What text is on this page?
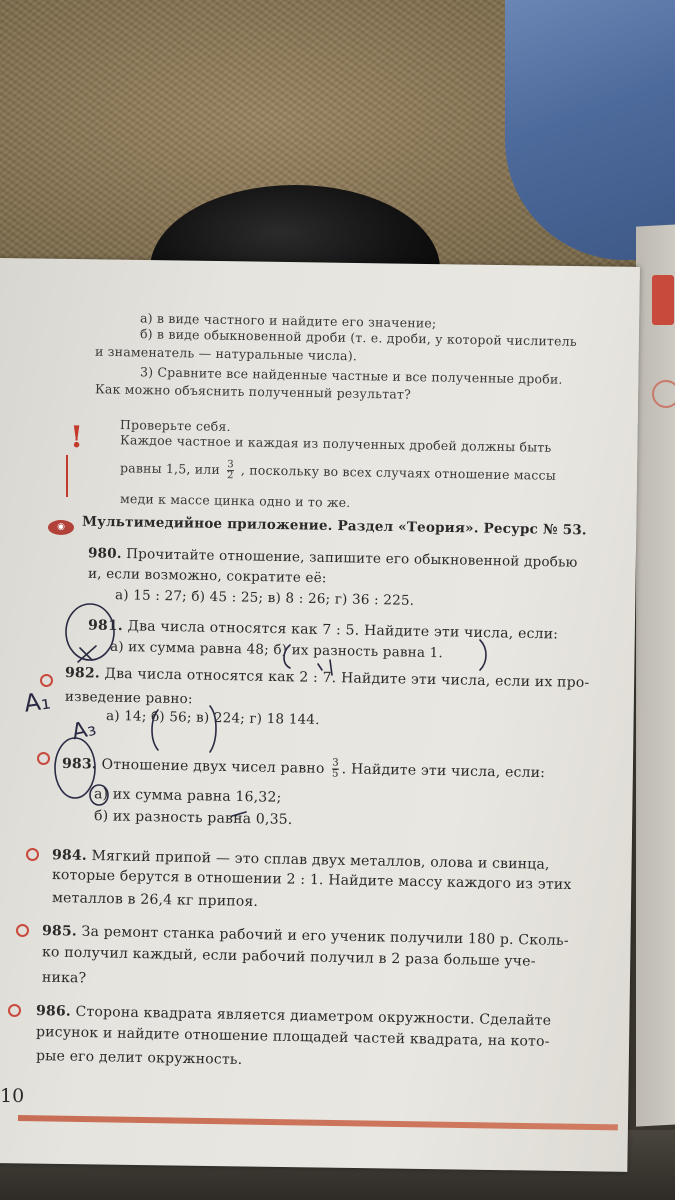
а) в виде частного и найдите его значение;
б) в виде обыкновенной дроби (т. е. дроби, у которой числитель
и знаменатель — натуральные числа).
3) Сравните все найденные частные и все полученные дроби.
Как можно объяснить полученный результат?
!	Проверьте себя.
Каждое частное и каждая из полученных дробей должны быть
равны 1,5, или $\frac{3}{2}$ , поскольку во всех случаях отношение массы
меди к массе цинка одно и то же.
◉	Мультимедийное приложение. Раздел «Теория». Ресурс № 53.
980. Прочитайте отношение, запишите его обыкновенной дробью
и, если возможно, сократите её:
а) 15 : 27; б) 45 : 25; в) 8 : 26; г) 36 : 225.
981. Два числа относятся как 7 : 5. Найдите эти числа, если:
а) их сумма равна 48; б) их разность равна 1.
982. Два числа относятся как 2 : 7. Найдите эти числа, если их про-
изведение равно:
а) 14; б) 56; в) 224; г) 18 144.
983. Отношение двух чисел равно $\frac{3}{5}$ . Найдите эти числа, если:
а) их сумма равна 16,32;
б) их разность равна 0,35.
984. Мягкий припой — это сплав двух металлов, олова и свинца,
которые берутся в отношении 2 : 1. Найдите массу каждого из этих
металлов в 26,4 кг припоя.
985. За ремонт станка рабочий и его ученик получили 180 р. Сколь-
ко получил каждый, если рабочий получил в 2 раза больше уче-
ника?
986. Сторона квадрата является диаметром окружности. Сделайте
рисунок и найдите отношение площадей частей квадрата, на кото-
рые его делит окружность.
10
А₁
А₃
